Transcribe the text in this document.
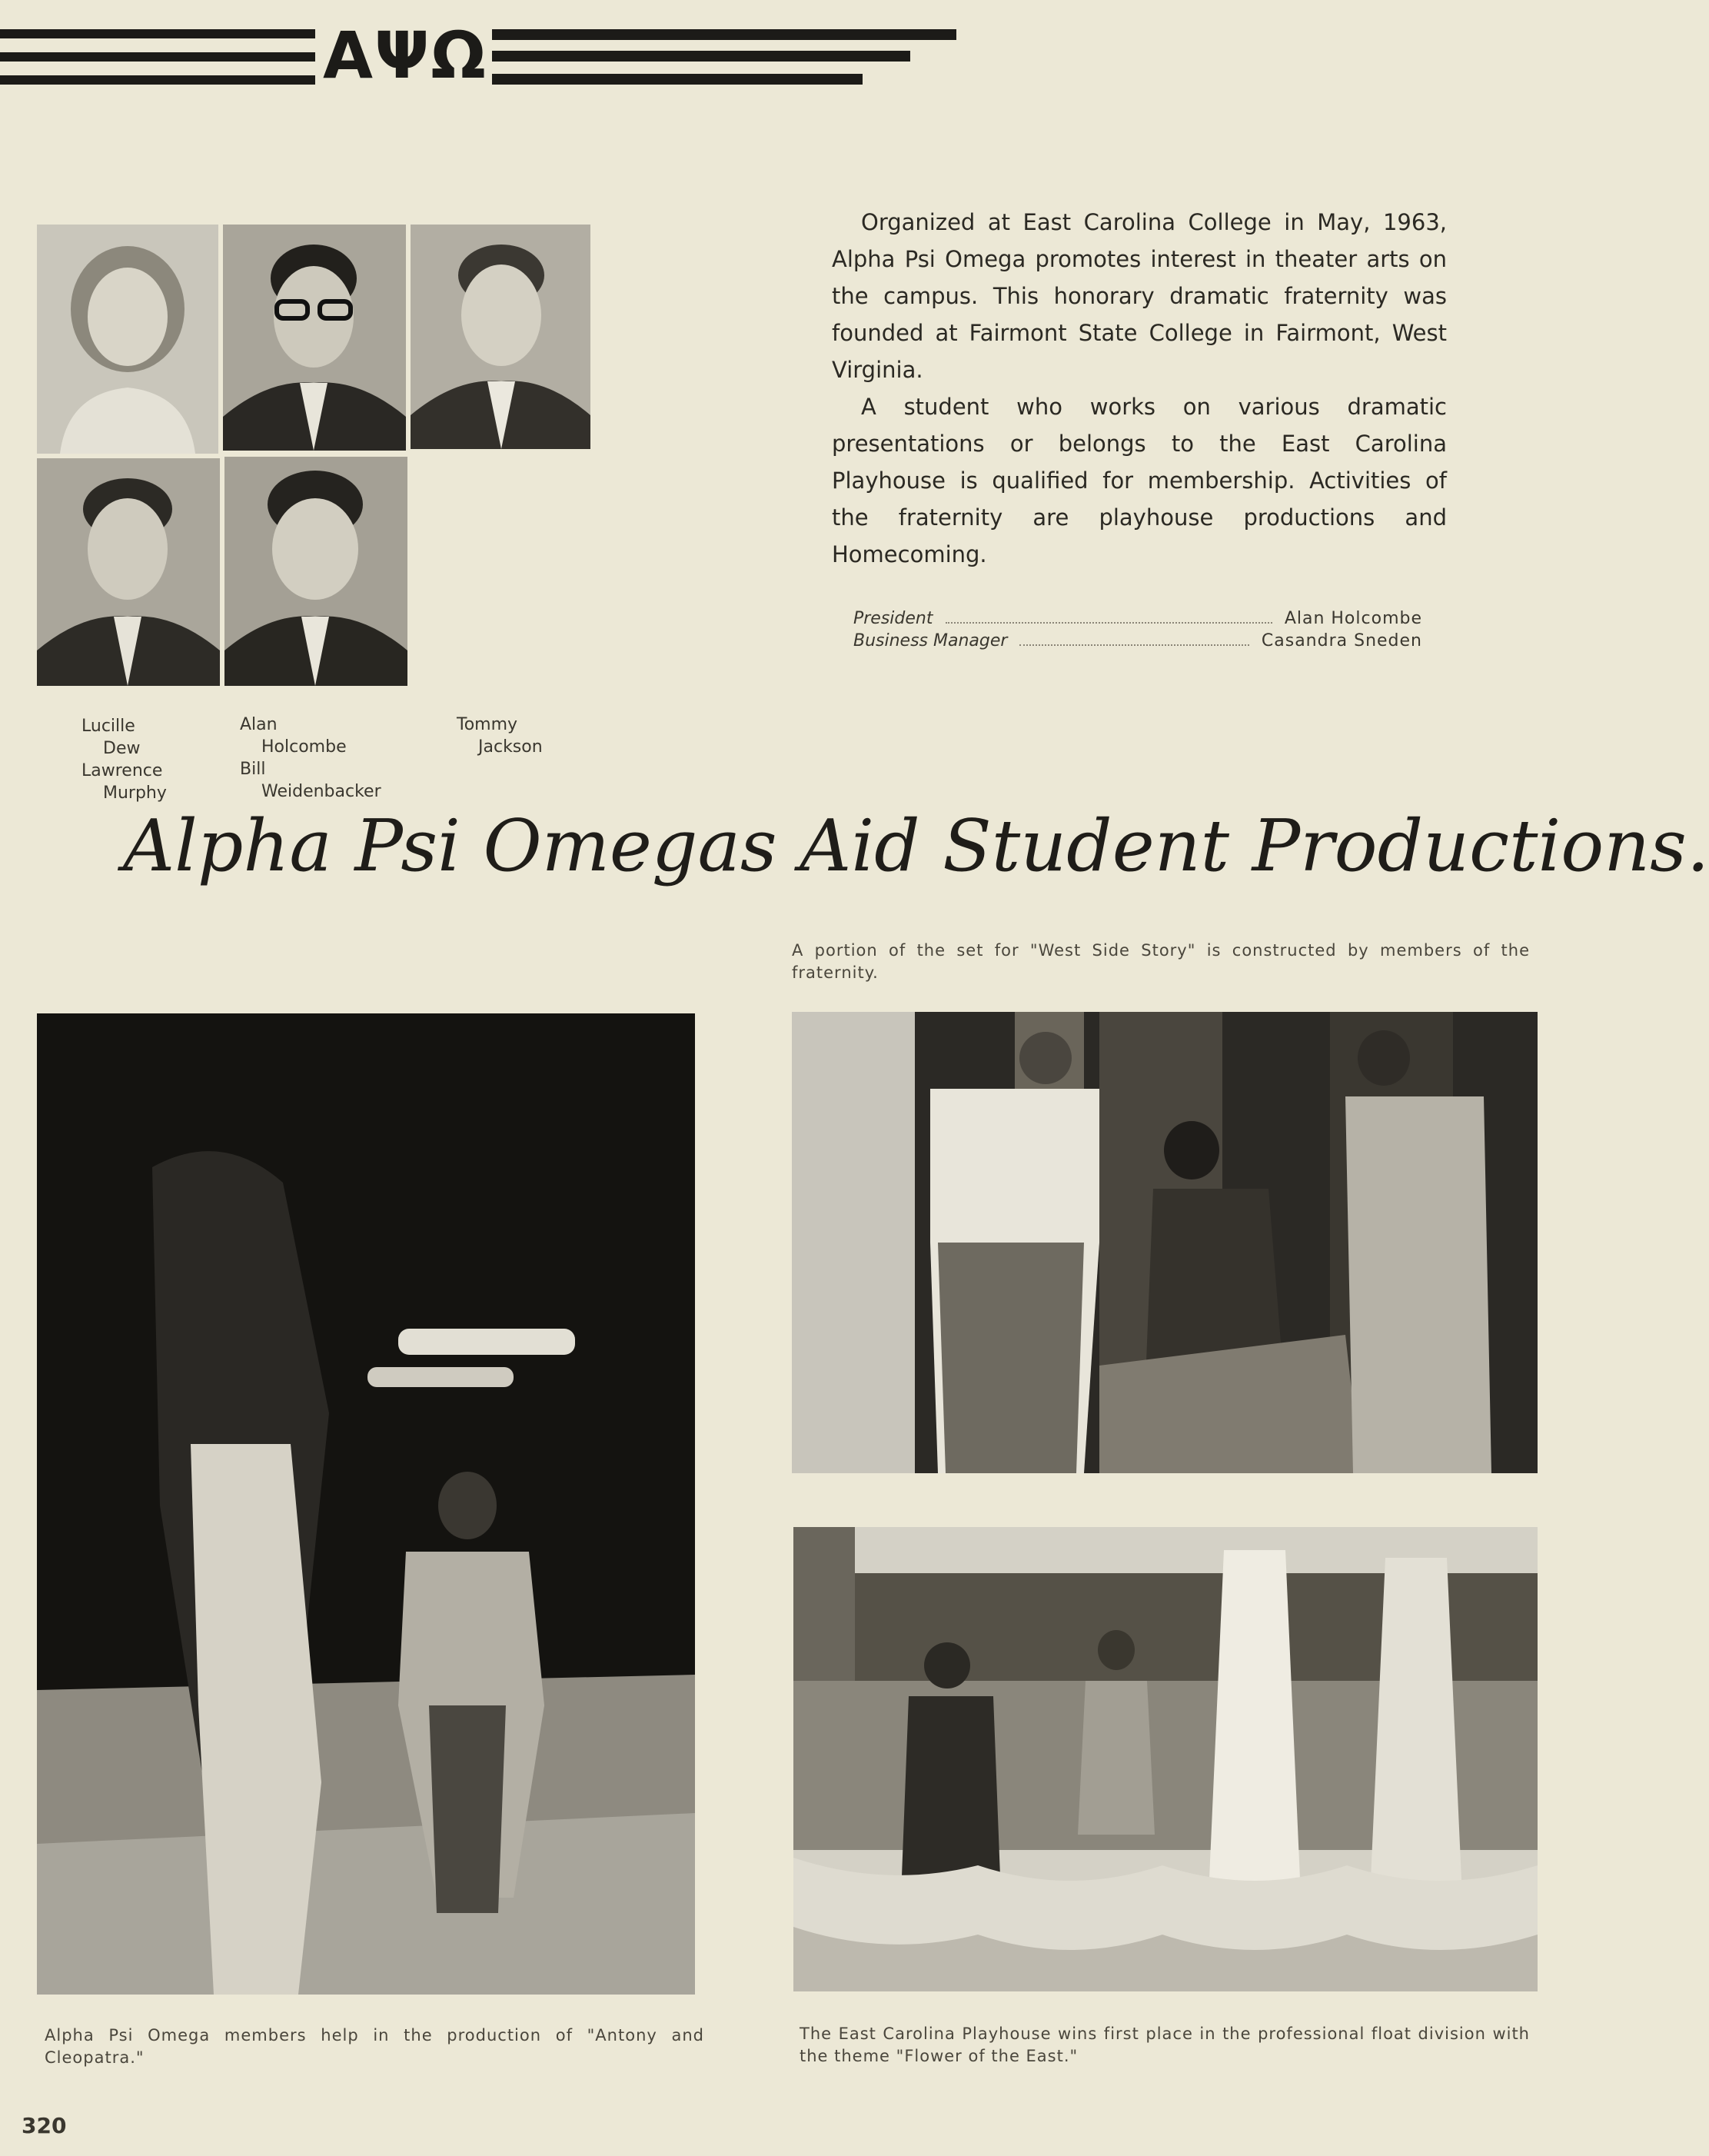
ΑΨΩ
Lucille
Dew
Lawrence
Murphy
Alan
Holcombe
Bill
Weidenbacker
Tommy
Jackson

Organized at East Carolina College in May, 1963, Alpha Psi Omega promotes interest in theater arts on the campus. This honorary dramatic fraternity was founded at Fairmont State College in Fairmont, West Virginia.

A student who works on various dramatic presentations or belongs to the East Carolina Playhouse is qualified for membership. Activities of the fraternity are playhouse productions and Homecoming.

President	Alan Holcombe
Business Manager	Casandra Sneden
Alpha Psi Omegas Aid Student Productions.
A portion of the set for "West Side Story" is constructed by members of the fraternity.
Alpha Psi Omega members help in the production of "Antony and Cleopatra."
The East Carolina Playhouse wins first place in the professional float division with the theme "Flower of the East."
320
